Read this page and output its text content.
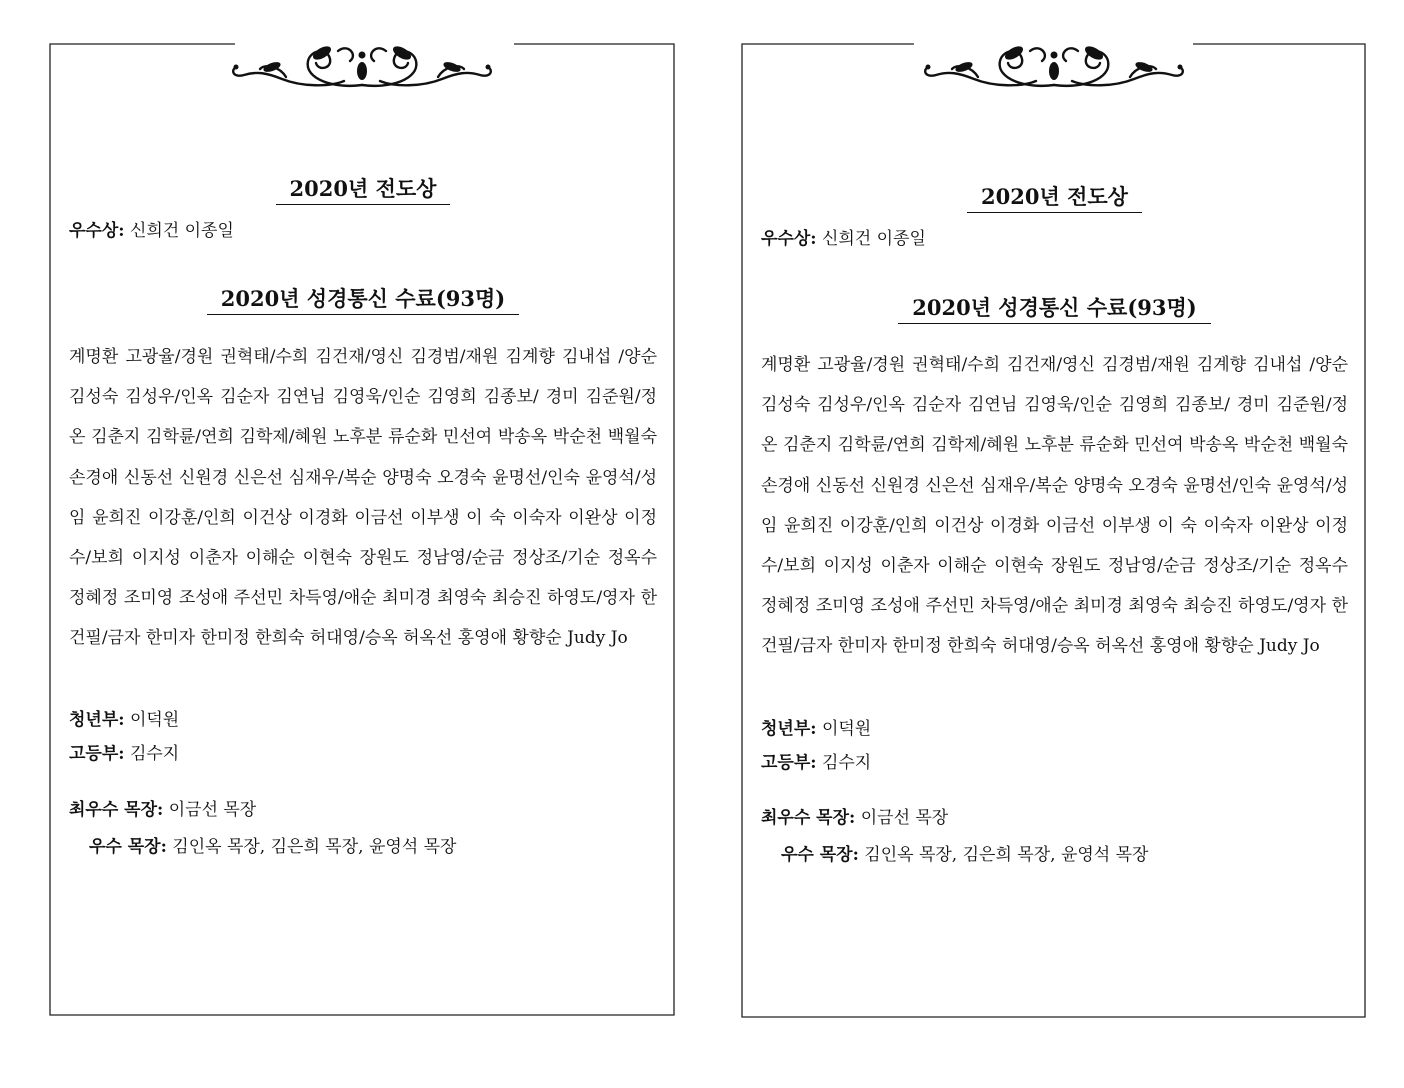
2020년 전도상
우수상: 신희건 이종일
2020년 성경통신 수료(93명)
계명환 고광율/경원 권혁태/수희 김건재/영신 김경범/재원 김계향 김내섭 /양순 김성숙 김성우/인옥 김순자 김연님 김영욱/인순 김영희 김종보/ 경미 김준원/정온 김춘지 김학륜/연희 김학제/혜원 노후분 류순화 민선여 박송옥 박순천 백월숙 손경애 신동선 신원경 신은선 심재우/복순 양명숙 오경숙 윤명선/인숙 윤영석/성임 윤희진 이강훈/인희 이건상 이경화 이금선 이부생 이 숙 이숙자 이완상 이정수/보희 이지성 이춘자 이해순 이현숙 장원도 정남영/순금 정상조/기순 정옥수 정혜정 조미영 조성애 주선민 차득영/애순 최미경 최영숙 최승진 하영도/영자 한건필/금자 한미자 한미정 한희숙 허대영/승옥 허옥선 홍영애 황향순 Judy Jo
청년부: 이덕원
고등부: 김수지
최우수 목장: 이금선 목장
우수 목장: 김인옥 목장, 김은희 목장, 윤영석 목장
2020년 전도상
우수상: 신희건 이종일
2020년 성경통신 수료(93명)
계명환 고광율/경원 권혁태/수희 김건재/영신 김경범/재원 김계향 김내섭 /양순 김성숙 김성우/인옥 김순자 김연님 김영욱/인순 김영희 김종보/ 경미 김준원/정온 김춘지 김학륜/연희 김학제/혜원 노후분 류순화 민선여 박송옥 박순천 백월숙 손경애 신동선 신원경 신은선 심재우/복순 양명숙 오경숙 윤명선/인숙 윤영석/성임 윤희진 이강훈/인희 이건상 이경화 이금선 이부생 이 숙 이숙자 이완상 이정수/보희 이지성 이춘자 이해순 이현숙 장원도 정남영/순금 정상조/기순 정옥수 정혜정 조미영 조성애 주선민 차득영/애순 최미경 최영숙 최승진 하영도/영자 한건필/금자 한미자 한미정 한희숙 허대영/승옥 허옥선 홍영애 황향순 Judy Jo
청년부: 이덕원
고등부: 김수지
최우수 목장: 이금선 목장
우수 목장: 김인옥 목장, 김은희 목장, 윤영석 목장
